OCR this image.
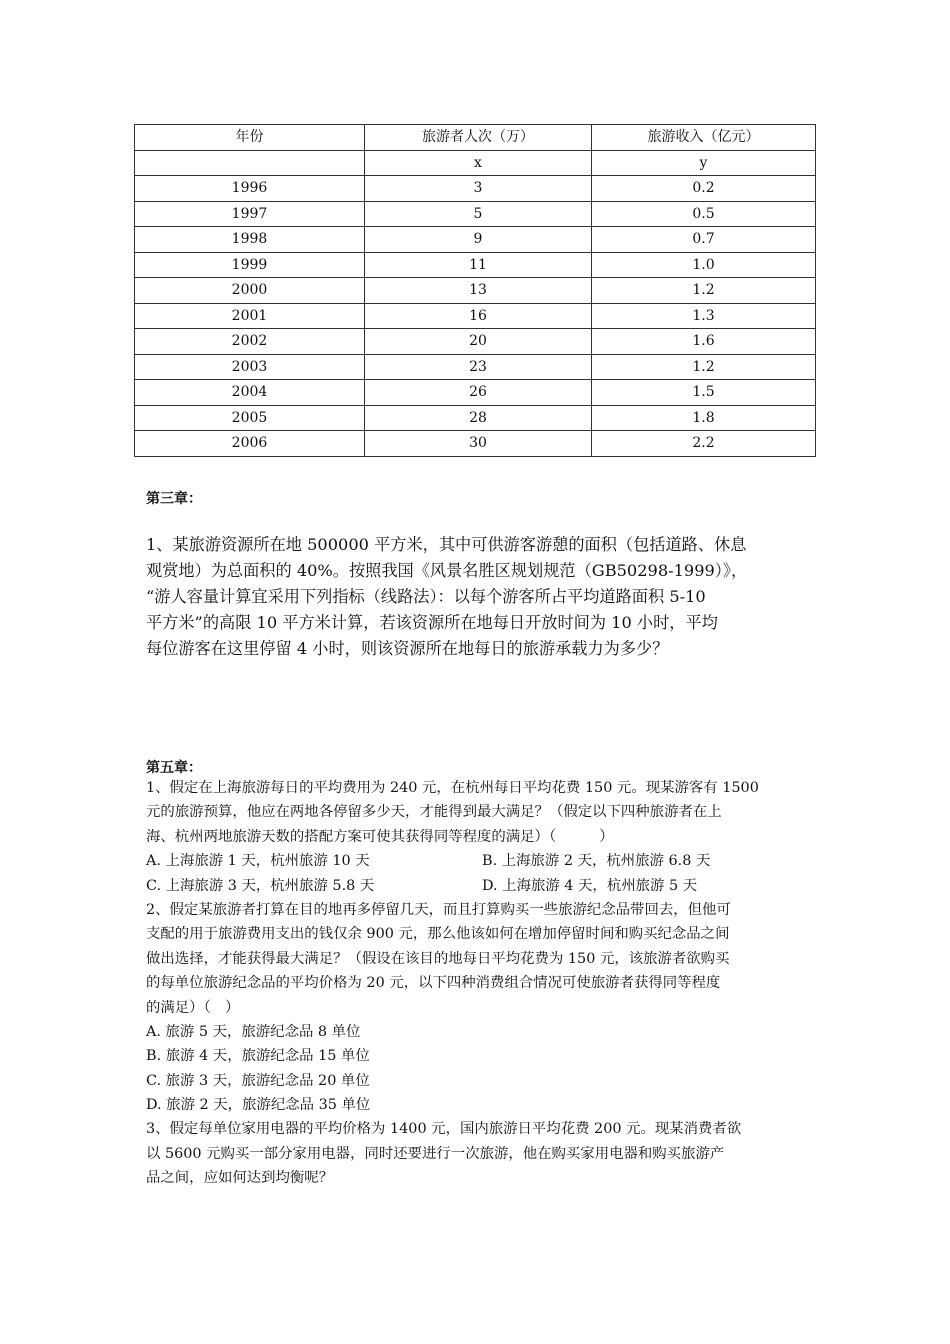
年份	旅游者人次（万）	旅游收入（亿元）
	x	y
1996	3	0.2
1997	5	0.5
1998	9	0.7
1999	11	1.0
2000	13	1.2
2001	16	1.3
2002	20	1.6
2003	23	1.2
2004	26	1.5
2005	28	1.8
2006	30	2.2
第三章：

1、某旅游资源所在地 500000 平方米，其中可供游客游憩的面积（包括道路、休息

观赏地）为总面积的 40%。按照我国《风景名胜区规划规范（GB50298-1999）》，

“游人容量计算宜采用下列指标（线路法）：以每个游客所占平均道路面积 5-10

平方米”的高限 10 平方米计算，若该资源所在地每日开放时间为 10 小时，平均

每位游客在这里停留 4 小时，则该资源所在地每日的旅游承载力为多少？

第五章：
1、假定在上海旅游每日的平均费用为 240 元，在杭州每日平均花费 150 元。现某游客有 1500
元的旅游预算，他应在两地各停留多少天，才能得到最大满足？（假定以下四种旅游者在上
海、杭州两地旅游天数的搭配方案可使其获得同等程度的满足）（　　　）
A. 上海旅游 1 天，杭州旅游 10 天	B. 上海旅游 2 天，杭州旅游 6.8 天
C. 上海旅游 3 天，杭州旅游 5.8 天	D. 上海旅游 4 天，杭州旅游 5 天
2、假定某旅游者打算在目的地再多停留几天，而且打算购买一些旅游纪念品带回去，但他可
支配的用于旅游费用支出的钱仅余 900 元，那么他该如何在增加停留时间和购买纪念品之间
做出选择，才能获得最大满足？（假设在该目的地每日平均花费为 150 元，该旅游者欲购买
的每单位旅游纪念品的平均价格为 20 元，以下四种消费组合情况可使旅游者获得同等程度
的满足）（　）
A. 旅游 5 天，旅游纪念品 8 单位
B. 旅游 4 天，旅游纪念品 15 单位
C. 旅游 3 天，旅游纪念品 20 单位
D. 旅游 2 天，旅游纪念品 35 单位
3、假定每单位家用电器的平均价格为 1400 元，国内旅游日平均花费 200 元。现某消费者欲
以 5600 元购买一部分家用电器，同时还要进行一次旅游，他在购买家用电器和购买旅游产
品之间，应如何达到均衡呢？
